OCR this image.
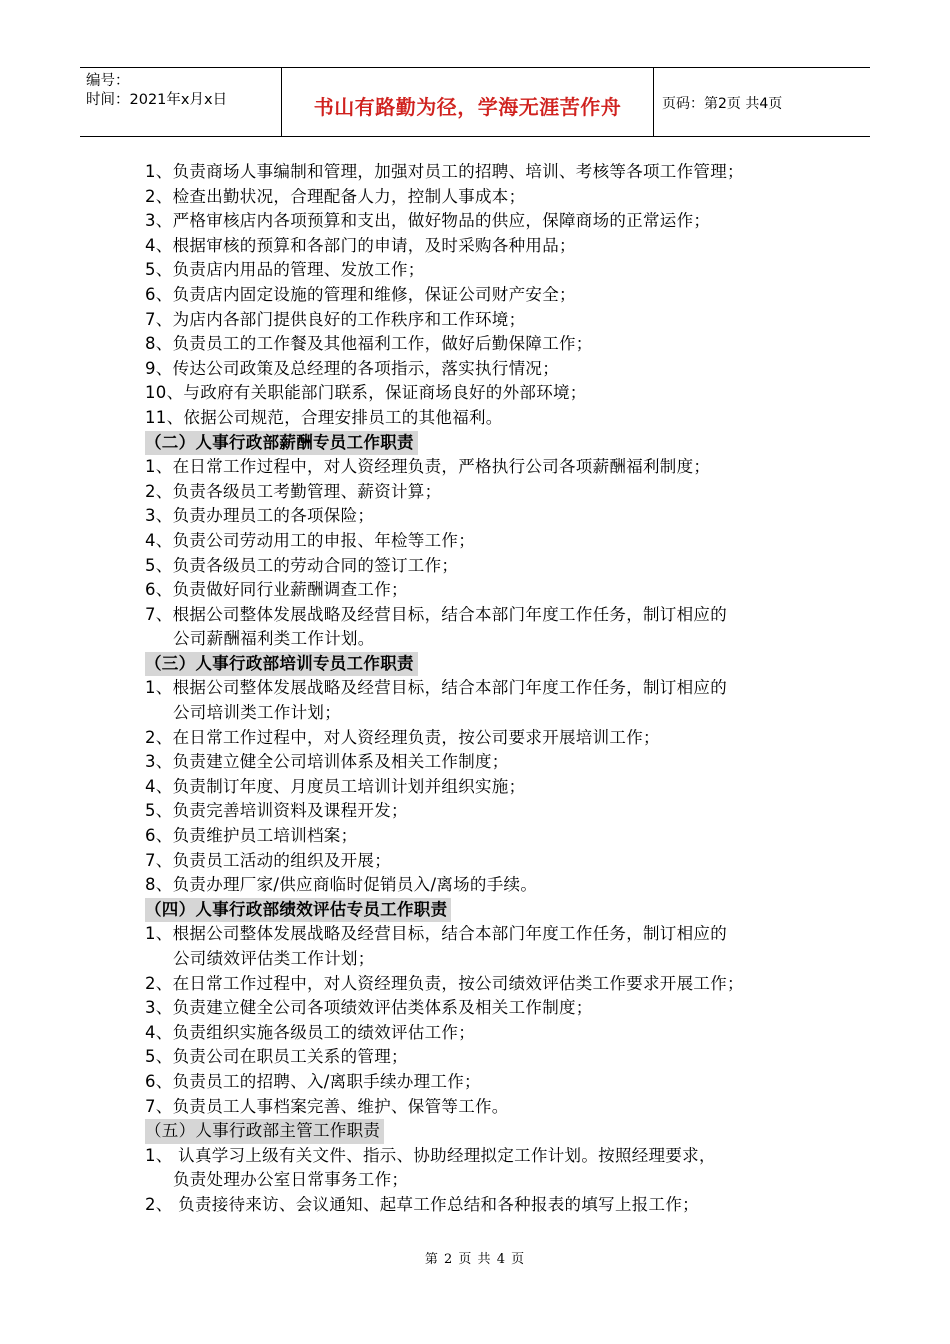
编号：
时间：2021年x月x日	书山有路勤为径，学海无涯苦作舟	页码：第2页 共4页
1、负责商场人事编制和管理，加强对员工的招聘、培训、考核等各项工作管理；
2、检查出勤状况，合理配备人力，控制人事成本；
3、严格审核店内各项预算和支出，做好物品的供应，保障商场的正常运作；
4、根据审核的预算和各部门的申请，及时采购各种用品；
5、负责店内用品的管理、发放工作；
6、负责店内固定设施的管理和维修，保证公司财产安全；
7、为店内各部门提供良好的工作秩序和工作环境；
8、负责员工的工作餐及其他福利工作，做好后勤保障工作；
9、传达公司政策及总经理的各项指示，落实执行情况；
10、与政府有关职能部门联系，保证商场良好的外部环境；
11、依据公司规范，合理安排员工的其他福利。
（二）人事行政部薪酬专员工作职责
1、在日常工作过程中，对人资经理负责，严格执行公司各项薪酬福利制度；
2、负责各级员工考勤管理、薪资计算；
3、负责办理员工的各项保险；
4、负责公司劳动用工的申报、年检等工作；
5、负责各级员工的劳动合同的签订工作；
6、负责做好同行业薪酬调查工作；
7、根据公司整体发展战略及经营目标，结合本部门年度工作任务，制订相应的
公司薪酬福利类工作计划。
（三）人事行政部培训专员工作职责
1、根据公司整体发展战略及经营目标，结合本部门年度工作任务，制订相应的
公司培训类工作计划；
2、在日常工作过程中，对人资经理负责，按公司要求开展培训工作；
3、负责建立健全公司培训体系及相关工作制度；
4、负责制订年度、月度员工培训计划并组织实施；
5、负责完善培训资料及课程开发；
6、负责维护员工培训档案；
7、负责员工活动的组织及开展；
8、负责办理厂家/供应商临时促销员入/离场的手续。
（四）人事行政部绩效评估专员工作职责
1、根据公司整体发展战略及经营目标，结合本部门年度工作任务，制订相应的
公司绩效评估类工作计划；
2、在日常工作过程中，对人资经理负责，按公司绩效评估类工作要求开展工作；
3、负责建立健全公司各项绩效评估类体系及相关工作制度；
4、负责组织实施各级员工的绩效评估工作；
5、负责公司在职员工关系的管理；
6、负责员工的招聘、入/离职手续办理工作；
7、负责员工人事档案完善、维护、保管等工作。
（五）人事行政部主管工作职责
1、 认真学习上级有关文件、指示、协助经理拟定工作计划。按照经理要求，
负责处理办公室日常事务工作；
2、 负责接待来访、会议通知、起草工作总结和各种报表的填写上报工作；
第 2 页 共 4 页
